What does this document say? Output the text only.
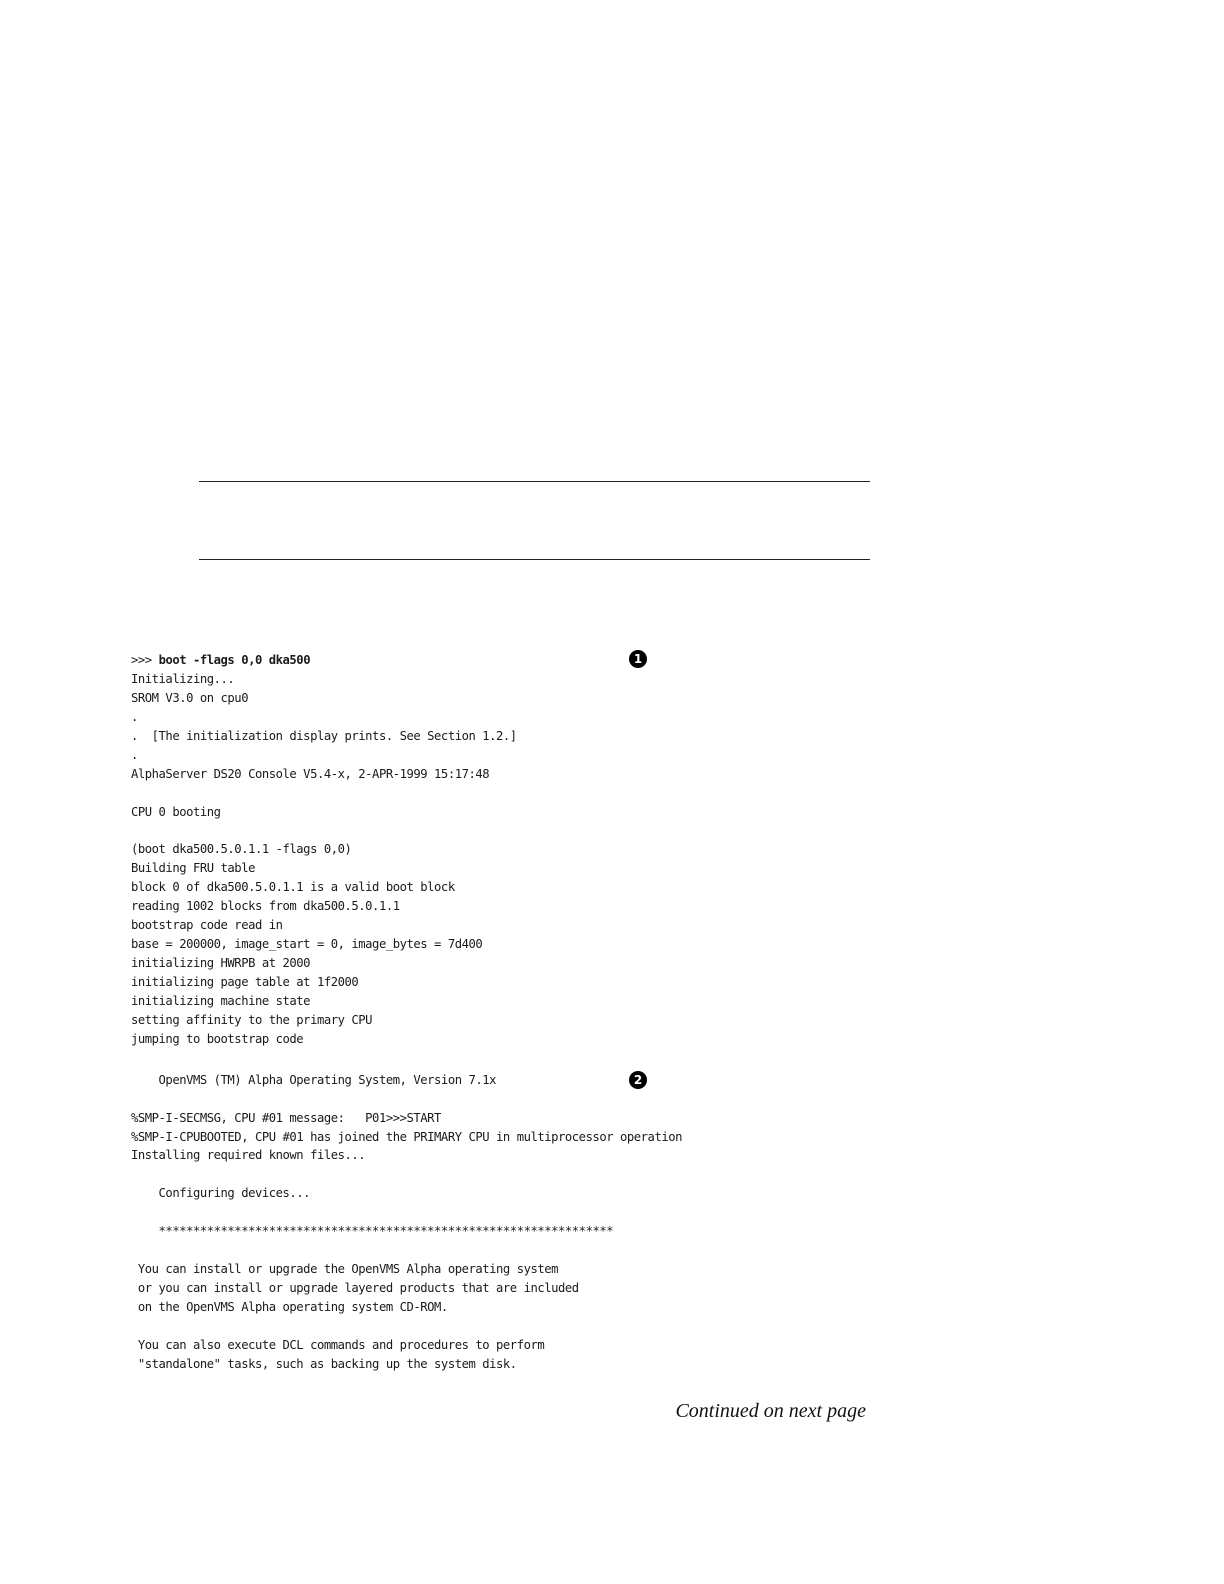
>>> boot -flags 0,0 dka500
Initializing...
SROM V3.0 on cpu0
.
.  [The initialization display prints. See Section 1.2.]
.
AlphaServer DS20 Console V5.4-x, 2-APR-1999 15:17:48
CPU 0 booting
(boot dka500.5.0.1.1 -flags 0,0)
Building FRU table
block 0 of dka500.5.0.1.1 is a valid boot block
reading 1002 blocks from dka500.5.0.1.1
bootstrap code read in
base = 200000, image_start = 0, image_bytes = 7d400
initializing HWRPB at 2000
initializing page table at 1f2000
initializing machine state
setting affinity to the primary CPU
jumping to bootstrap code
OpenVMS (TM) Alpha Operating System, Version 7.1x
%SMP-I-SECMSG, CPU #01 message:   P01>>>START
%SMP-I-CPUBOOTED, CPU #01 has joined the PRIMARY CPU in multiprocessor operation
Installing required known files...
Configuring devices...
******************************************************************
You can install or upgrade the OpenVMS Alpha operating system
or you can install or upgrade layered products that are included
on the OpenVMS Alpha operating system CD-ROM.
You can also execute DCL commands and procedures to perform
"standalone" tasks, such as backing up the system disk.
1
2
Continued on next page
